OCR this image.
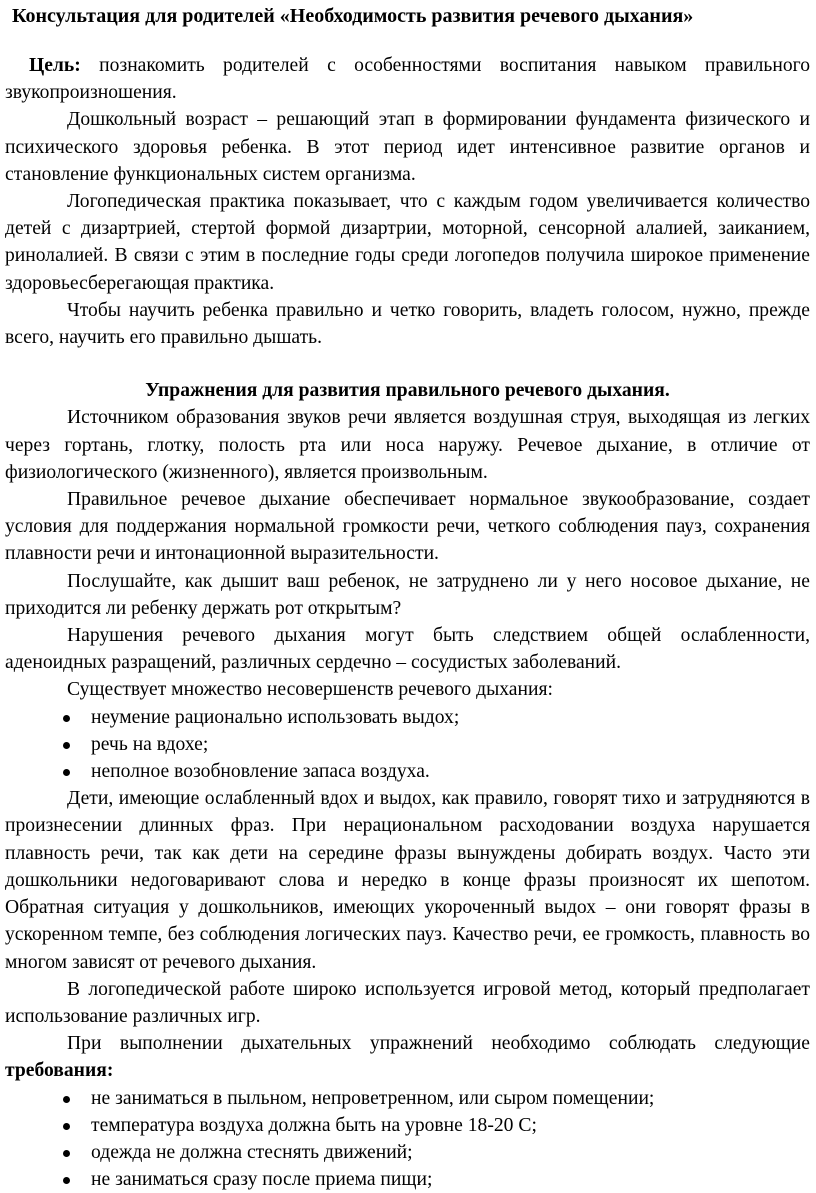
Консультация для родителей «Необходимость развития речевого дыхания»

Цель: познакомить родителей с особенностями воспитания навыком правильного звукопроизношения.

Дошкольный возраст – решающий этап в формировании фундамента физического и психического здоровья ребенка. В этот период идет интенсивное развитие органов и становление функциональных систем организма.

Логопедическая практика показывает, что с каждым годом увеличивается количество детей с дизартрией, стертой формой дизартрии, моторной, сенсорной алалией, заиканием, ринолалией. В связи с этим в последние годы среди логопедов получила широкое применение здоровьесберегающая практика.

Чтобы научить ребенка правильно и четко говорить, владеть голосом, нужно, прежде всего, научить его правильно дышать.

Упражнения для развития правильного речевого дыхания.

Источником образования звуков речи является воздушная струя, выходящая из легких через гортань, глотку, полость рта или носа наружу. Речевое дыхание, в отличие от физиологического (жизненного), является произвольным.

Правильное речевое дыхание обеспечивает нормальное звукообразование, создает условия для поддержания нормальной громкости речи, четкого соблюдения пауз, сохранения плавности речи и интонационной выразительности.

Послушайте, как дышит ваш ребенок, не затруднено ли у него носовое дыхание, не приходится ли ребенку держать рот открытым?

Нарушения речевого дыхания могут быть следствием общей ослабленности, аденоидных разращений, различных сердечно – сосудистых заболеваний.

Существует множество несовершенств речевого дыхания:

неумение рационально использовать выдох;
речь на вдохе;
неполное возобновление запаса воздуха.

Дети, имеющие ослабленный вдох и выдох, как правило, говорят тихо и затрудняются в произнесении длинных фраз. При нерациональном расходовании воздуха нарушается плавность речи, так как дети на середине фразы вынуждены добирать воздух. Часто эти дошкольники недоговаривают слова и нередко в конце фразы произносят их шепотом. Обратная ситуация у дошкольников, имеющих укороченный выдох – они говорят фразы в ускоренном темпе, без соблюдения логических пауз. Качество речи, ее громкость, плавность во многом зависят от речевого дыхания.

В логопедической работе широко используется игровой метод, который предполагает использование различных игр.

При выполнении дыхательных упражнений необходимо соблюдать следующие требования:

не заниматься в пыльном, непроветренном, или сыром помещении;
температура воздуха должна быть на уровне 18-20 С;
одежда не должна стеснять движений;
не заниматься сразу после приема пищи;
